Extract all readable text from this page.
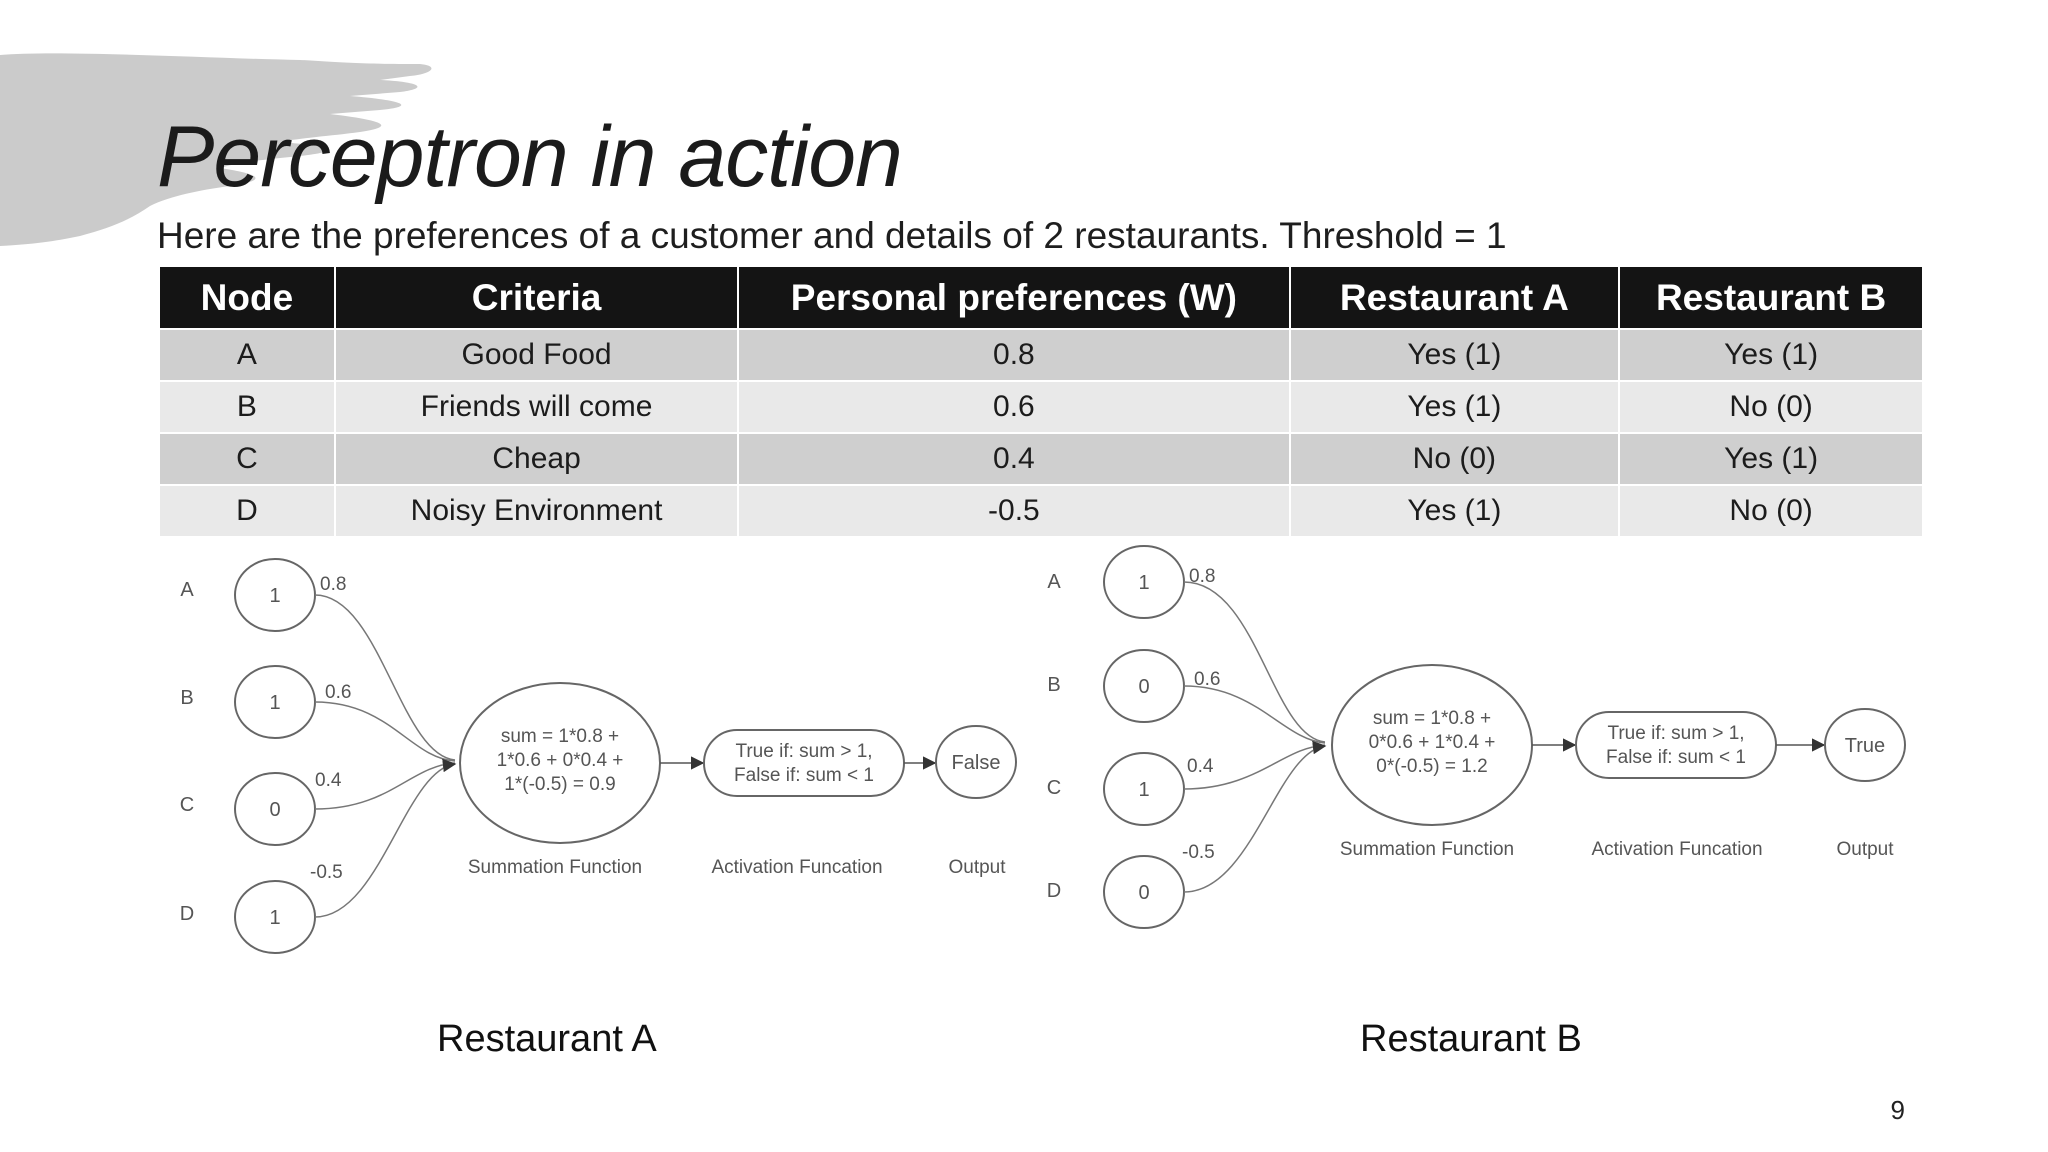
Perceptron in action
Here are the preferences of a customer and details of 2 restaurants. Threshold = 1
Node	Criteria	Personal preferences (W)	Restaurant A	Restaurant B
A	Good Food	0.8	Yes (1)	Yes (1)
B	Friends will come	0.6	Yes (1)	No (0)
C	Cheap	0.4	No (0)	Yes (1)
D	Noisy Environment	-0.5	Yes (1)	No (0)
A
B
C
D
1
1
0
1
0.8
0.6
0.4
-0.5
sum = 1*0.8 +
1*0.6 + 0*0.4 +
1*(-0.5) = 0.9
True if: sum > 1,
False if: sum < 1
False
Summation Function	Activation Funcation	Output
A
B
C
D
1
0
1
0
0.8
0.6
0.4
-0.5
sum = 1*0.8 +
0*0.6 + 1*0.4 +
0*(-0.5) = 1.2
True if: sum > 1,
False if: sum < 1
True
Summation Function	Activation Funcation	Output
Restaurant A	Restaurant B
9
